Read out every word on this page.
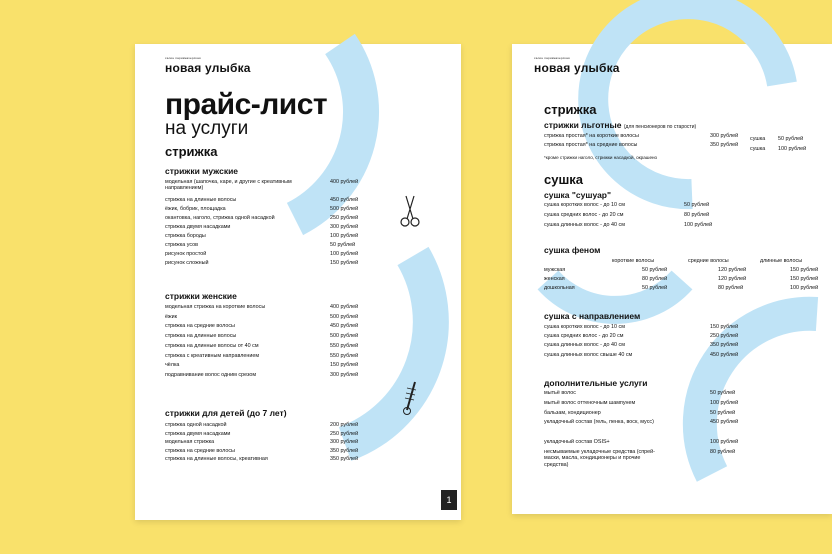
салон парикмахерская
новая улыбка
прайс-лист
на услуги
стрижка
стрижки мужские
модельная (шапочка, каре, и другие с креативным направлением)
400 рублей
стрижка на длинные волосы	450 рублей
ёжик, бобрик, площадка	500 рублей
окантовка, наголо, стрижка одной насадкой	250 рублей
стрижка двумя насадками	300 рублей
стрижка бороды	100 рублей
стрижка усов	50 рублей
рисунок простой	100 рублей
рисунок сложный	150 рублей
стрижки женские
модельная стрижка на короткие волосы	400 рублей
ёжик	500 рублей
стрижка на средние волосы	450 рублей
стрижка на длинные волосы	500 рублей
стрижка на длинные волосы от 40 см	550 рублей
стрижка с креативным направлением	550 рублей
чёлка	150 рублей
подравнивание волос одним срезом	300 рублей
стрижки для детей (до 7 лет)
стрижка одной насадкой	200 рублей
стрижка двумя насадками	250 рублей
модельная стрижка	300 рублей
стрижка на средние волосы	350 рублей
стрижка на длинные волосы, креативная	350 рублей
1
салон парикмахерская
новая улыбка
стрижка
стрижки льготные (для пенсионеров по старости)
стрижка простая* на короткие волосы	300 рублей
стрижка простая* на средние волосы	350 рублей
*кроме стрижки наголо, стрижки насадкой, окрашено
сушка	50 рублей
сушка	100 рублей
сушка
сушка "сушуар"
сушка коротких волос - до 10 см	50 рублей
сушка средних волос - до 20 см	80 рублей
сушка длинных волос - до 40 см	100 рублей
сушка феном
короткие волосы	средние волосы	длинные волосы
мужская	50 рублей	120 рублей	150 рублей
женская	80 рублей	120 рублей	150 рублей
дошкольная	50 рублей	80 рублей	100 рублей
сушка с направлением
сушка коротких волос - до 10 см	150 рублей
сушка средних волос - до 20 см	250 рублей
сушка длинных волос - до 40 см	350 рублей
сушка длинных волос свыше 40 см	450 рублей
дополнительные услуги
мытьё волос	50 рублей
мытьё волос оттеночным шампунем	100 рублей
бальзам, кондиционер	50 рублей
укладочный состав (гель, пенка, воск, мусс)	450 рублей
укладочный состав OSIS+	100 рублей
несмываемые укладочные средства (спрей-маски, масла, кондиционеры и прочие средства)
80 рублей
